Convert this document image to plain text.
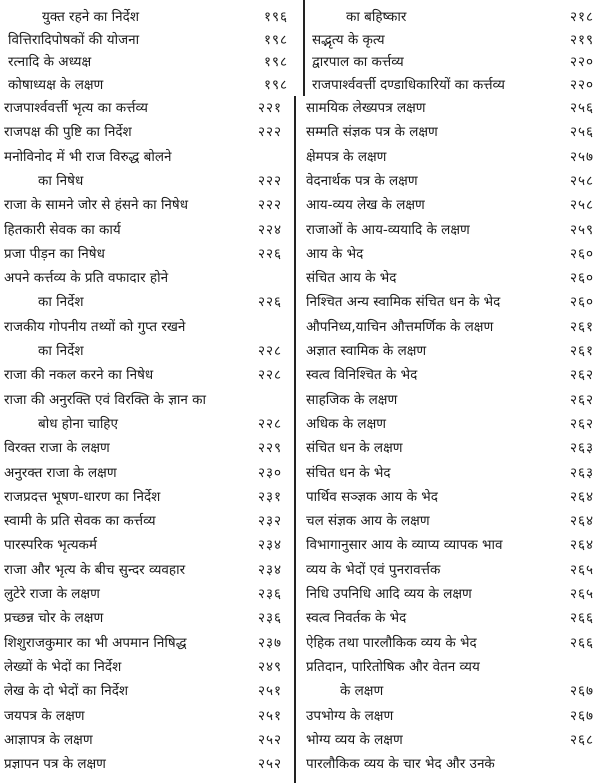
युक्त रहने का निर्देश	१९६
वित्तिरादिपोषकों की योजना	१९८
रत्नादि के अध्यक्ष	१९८
कोषाध्यक्ष के लक्षण	१९८
का बहिष्कार	२१८
सद्भृत्य के कृत्य	२१९
द्वारपाल का कर्त्तव्य	२२०
राजपार्श्ववर्त्ती दण्डाधिकारियों का कर्त्तव्य	२२०
राजपार्श्ववर्त्ती भृत्य का कर्त्तव्य	२२१
राजपक्ष की पुष्टि का निर्देश	२२२
मनोविनोद में भी राज विरुद्ध बोलने
का निषेध	२२२
राजा के सामने जोर से हंसने का निषेध	२२२
हितकारी सेवक का कार्य	२२४
प्रजा पीड़न का निषेध	२२६
अपने कर्त्तव्य के प्रति वफादार होने
का निर्देश	२२६
राजकीय गोपनीय तथ्यों को गुप्त रखने
का निर्देश	२२८
राजा की नकल करने का निषेध	२२८
राजा की अनुरक्ति एवं विरक्ति के ज्ञान का
बोध होना चाहिए	२२८
विरक्त राजा के लक्षण	२२९
अनुरक्त राजा के लक्षण	२३०
राजप्रदत्त भूषण-धारण का निर्देश	२३१
स्वामी के प्रति सेवक का कर्त्तव्य	२३२
पारस्परिक भृत्यकर्म	२३४
राजा और भृत्य के बीच सुन्दर व्यवहार	२३४
लुटेरे राजा के लक्षण	२३६
प्रच्छन्न चोर के लक्षण	२३६
शिशुराजकुमार का भी अपमान निषिद्ध	२३७
लेख्यों के भेदों का निर्देश	२४९
लेख के दो भेदों का निर्देश	२५१
जयपत्र के लक्षण	२५१
आज्ञापत्र के लक्षण	२५२
प्रज्ञापन पत्र के लक्षण	२५२
सामयिक लेख्यपत्र लक्षण	२५६
सम्मति संज्ञक पत्र के लक्षण	२५६
क्षेमपत्र के लक्षण	२५७
वेदनार्थक पत्र के लक्षण	२५८
आय-व्यय लेख के लक्षण	२५८
राजाओं के आय-व्ययादि के लक्षण	२५९
आय के भेद	२६०
संचित आय के भेद	२६०
निश्चित अन्य स्वामिक संचित धन के भेद	२६०
औपनिध्य,याचिन औत्तमर्णिक के लक्षण	२६१
अज्ञात स्वामिक के लक्षण	२६१
स्वत्व विनिश्चित के भेद	२६२
साहजिक के लक्षण	२६२
अधिक के लक्षण	२६२
संचित धन के लक्षण	२६३
संचित धन के भेद	२६३
पार्थिव सञ्ज्ञक आय के भेद	२६४
चल संज्ञक आय के लक्षण	२६४
विभागानुसार आय के व्याप्य व्यापक भाव	२६४
व्यय के भेदों एवं पुनरावर्त्तक	२६५
निधि उपनिधि आदि व्यय के लक्षण	२६५
स्वत्व निवर्तक के भेद	२६६
ऐहिक तथा पारलौकिक व्यय के भेद	२६६
प्रतिदान, पारितोषिक और वेतन व्यय
के लक्षण	२६७
उपभोग्य के लक्षण	२६७
भोग्य व्यय के लक्षण	२६८
पारलौकिक व्यय के चार भेद और उनके
